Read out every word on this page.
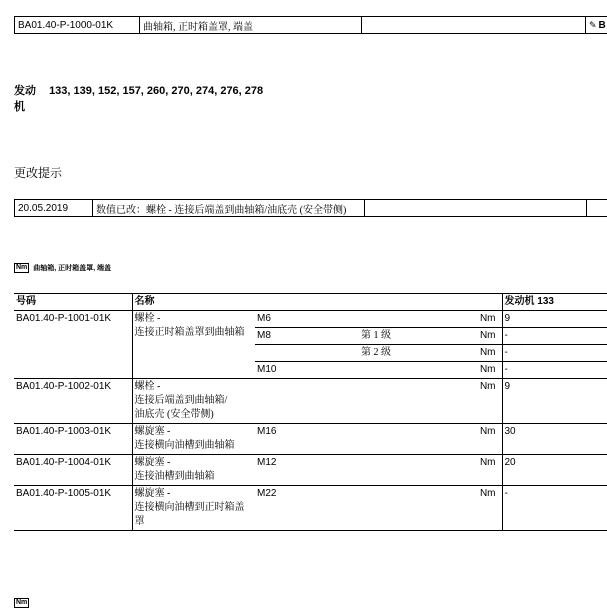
BA01.40-P-1000-01K	曲轴箱, 正时箱盖罩, 端盖		✎ B
发动
机 133, 139, 152, 157, 260, 270, 274, 276, 278
更改提示
20.05.2019	数值已改：螺栓 - 连接后端盖到曲轴箱/油底壳 (安全带侧)		
Nm 曲轴箱, 正时箱盖罩, 端盖
号码	名称				发动机 133	
BA01.40-P-1001-01K	螺栓 -
连接正时箱盖罩到曲轴箱	M6		Nm	9	
		M8	第 1 级	Nm	-	
			第 2 级	Nm	-	
		M10		Nm	-	
BA01.40-P-1002-01K	螺栓 -
连接后端盖到曲轴箱/
油底壳 (安全带侧)			Nm	9	
BA01.40-P-1003-01K	螺旋塞 -
连接横向油槽到曲轴箱	M16		Nm	30	
BA01.40-P-1004-01K	螺旋塞 -
连接油槽到曲轴箱	M12		Nm	20	
BA01.40-P-1005-01K	螺旋塞 -
连接横向油槽到正时箱盖
罩	M22		Nm	-	
Nm
